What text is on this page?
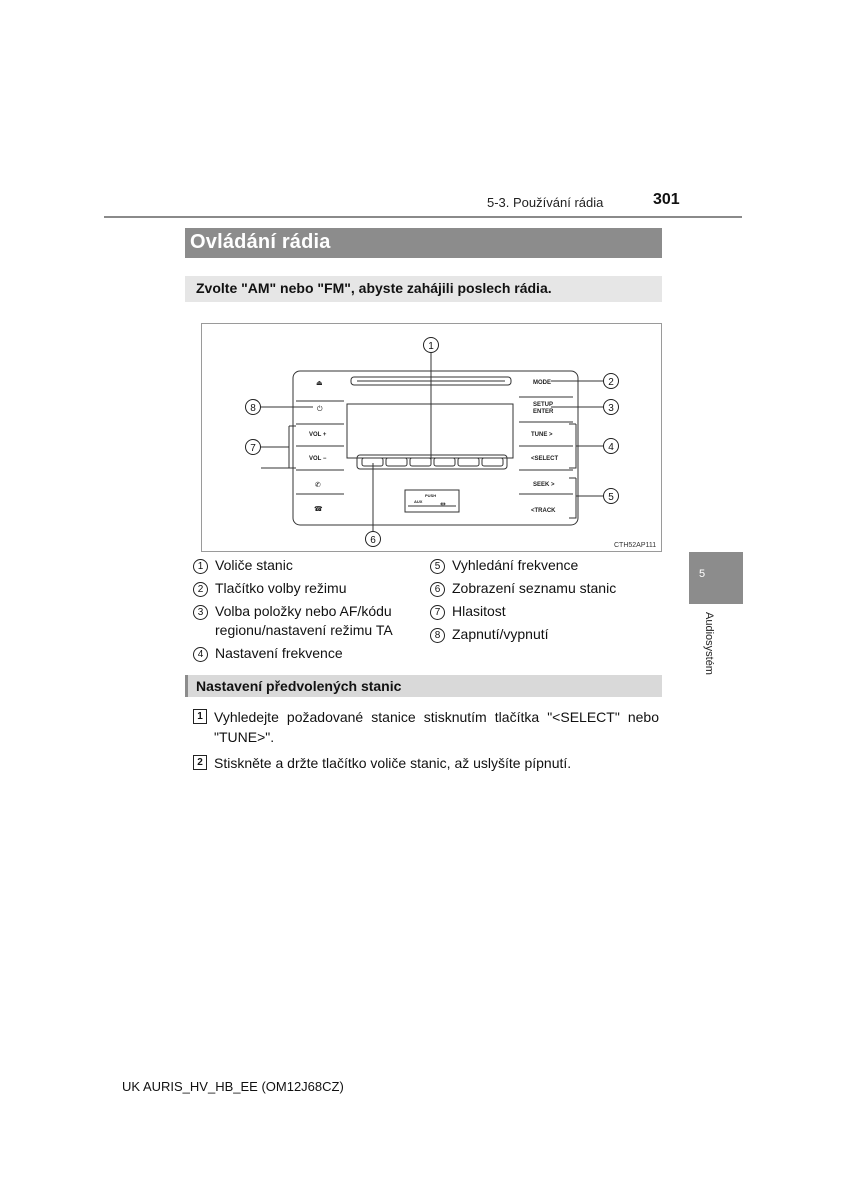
5-3. Používání rádia	301
Ovládání rádia
Zvolte "AM" nebo "FM", abyste zahájili poslech rádia.
⏏
⏻
✆
☎
⇹
MODE
SETUP
ENTER
TUNE >
<SELECT
SEEK >
<TRACK
VOL +
VOL −
PUSH
AUX
1
2
3
4
5
6
7
8
CTH52AP111
1 Voliče stanic
2 Tlačítko volby režimu
3 Volba položky nebo AF/kódu regionu/nastavení režimu TA
4 Nastavení frekvence
5 Vyhledání frekvence
6 Zobrazení seznamu stanic
7 Hlasitost
8 Zapnutí/vypnutí
Nastavení předvolených stanic
1 Vyhledejte požadované stanice stisknutím tlačítka "<SELECT" nebo "TUNE>".
2 Stiskněte a držte tlačítko voliče stanic, až uslyšíte pípnutí.
5
Audiosystém
UK AURIS_HV_HB_EE (OM12J68CZ)
